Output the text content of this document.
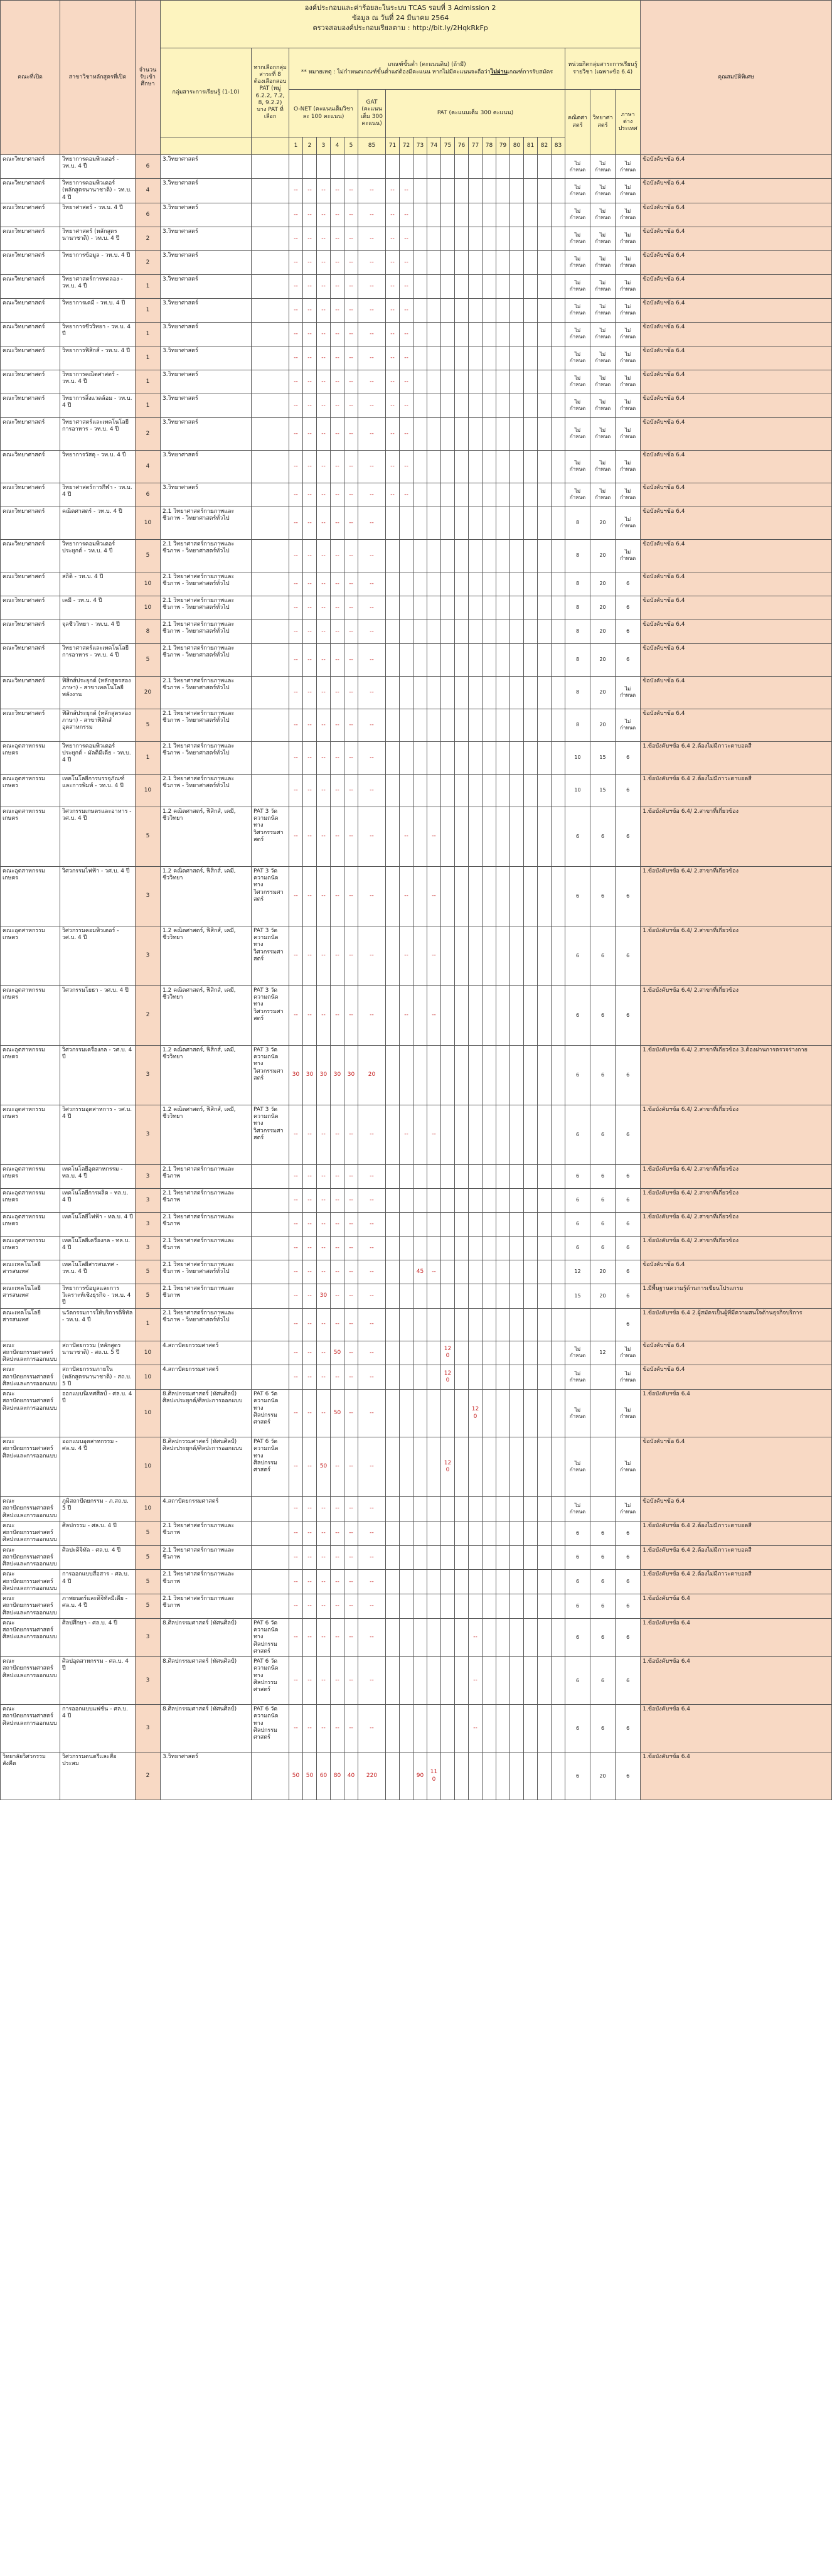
คณะที่เปิด	สาขาวิชาหลักสูตรที่เปิด	จำนวนรับเข้าศึกษา	องค์ประกอบและค่าร้อยละในระบบ TCAS รอบที่ 3 Admission 2
ข้อมูล ณ วันที่ 24 มีนาคม 2564
ตรวจสอบองค์ประกอบเรียลตาม : http://bit.ly/2HqkRkFp																								คุณสมบัติพิเศษ
			กลุ่มสาระการเรียนรู้ (1-10)	หากเลือกกลุ่มสาระที่ 8 ต้องเลือกสอบ PAT (หมู่ 6.2.2, 7.2, 8, 9.2.2) บาง PAT ที่เลือก	เกณฑ์ขั้นต่ำ (คะแนนดิบ) (ถ้ามี)
** หมายเหตุ : ไม่กำหนดเกณฑ์ขั้นต่ำแต่ต้องมีคะแนน หากไม่มีคะแนนจะถือว่าไม่ผ่านเกณฑ์การรับสมัคร																			หน่วยกิตกลุ่มสาระการเรียนรู้รายวิชา (เฉพาะข้อ 6.4)			
					O-NET (คะแนนเต็มวิชาละ 100 คะแนน)					GAT (คะแนนเต็ม 300 คะแนน)	PAT (คะแนนเต็ม 300 คะแนน)													คณิตศาสตร์	วิทยาศาสตร์	ภาษาต่างประเทศ	
					1	2	3	4	5	85	71	72	73	74	75	76	77	78	79	80	81	82	83				
คณะวิทยาศาสตร์	วิทยาการคอมพิวเตอร์ - วท.บ. 4 ปี	6	3.วิทยาศาสตร์																					ไม่กำหนด	ไม่กำหนด	ไม่กำหนด	ข้อบังคับฯข้อ 6.4
คณะวิทยาศาสตร์	วิทยาการคอมพิวเตอร์ (หลักสูตรนานาชาติ) - วท.บ. 4 ปี	4	3.วิทยาศาสตร์		--	--	--	--	--	--	--	--												ไม่กำหนด	ไม่กำหนด	ไม่กำหนด	ข้อบังคับฯข้อ 6.4
คณะวิทยาศาสตร์	วิทยาศาสตร์ - วท.บ. 4 ปี	6	3.วิทยาศาสตร์		--	--	--	--	--	--	--	--												ไม่กำหนด	ไม่กำหนด	ไม่กำหนด	ข้อบังคับฯข้อ 6.4
คณะวิทยาศาสตร์	วิทยาศาสตร์ (หลักสูตรนานาชาติ) - วท.บ. 4 ปี	2	3.วิทยาศาสตร์		--	--	--	--	--	--	--	--												ไม่กำหนด	ไม่กำหนด	ไม่กำหนด	ข้อบังคับฯข้อ 6.4
คณะวิทยาศาสตร์	วิทยาการข้อมูล - วท.บ. 4 ปี	2	3.วิทยาศาสตร์		--	--	--	--	--	--	--	--												ไม่กำหนด	ไม่กำหนด	ไม่กำหนด	ข้อบังคับฯข้อ 6.4
คณะวิทยาศาสตร์	วิทยาศาสตร์การทดลอง - วท.บ. 4 ปี	1	3.วิทยาศาสตร์		--	--	--	--	--	--	--	--												ไม่กำหนด	ไม่กำหนด	ไม่กำหนด	ข้อบังคับฯข้อ 6.4
คณะวิทยาศาสตร์	วิทยาการเคมี - วท.บ. 4 ปี	1	3.วิทยาศาสตร์		--	--	--	--	--	--	--	--												ไม่กำหนด	ไม่กำหนด	ไม่กำหนด	ข้อบังคับฯข้อ 6.4
คณะวิทยาศาสตร์	วิทยาการชีววิทยา - วท.บ. 4 ปี	1	3.วิทยาศาสตร์		--	--	--	--	--	--	--	--												ไม่กำหนด	ไม่กำหนด	ไม่กำหนด	ข้อบังคับฯข้อ 6.4
คณะวิทยาศาสตร์	วิทยาการฟิสิกส์ - วท.บ. 4 ปี	1	3.วิทยาศาสตร์		--	--	--	--	--	--	--	--												ไม่กำหนด	ไม่กำหนด	ไม่กำหนด	ข้อบังคับฯข้อ 6.4
คณะวิทยาศาสตร์	วิทยาการคณิตศาสตร์ - วท.บ. 4 ปี	1	3.วิทยาศาสตร์		--	--	--	--	--	--	--	--												ไม่กำหนด	ไม่กำหนด	ไม่กำหนด	ข้อบังคับฯข้อ 6.4
คณะวิทยาศาสตร์	วิทยาการสิ่งแวดล้อม - วท.บ. 4 ปี	1	3.วิทยาศาสตร์		--	--	--	--	--	--	--	--												ไม่กำหนด	ไม่กำหนด	ไม่กำหนด	ข้อบังคับฯข้อ 6.4
คณะวิทยาศาสตร์	วิทยาศาสตร์และเทคโนโลยีการอาหาร - วท.บ. 4 ปี	2	3.วิทยาศาสตร์		--	--	--	--	--	--	--	--												ไม่กำหนด	ไม่กำหนด	ไม่กำหนด	ข้อบังคับฯข้อ 6.4
คณะวิทยาศาสตร์	วิทยาการวัสดุ - วท.บ. 4 ปี	4	3.วิทยาศาสตร์		--	--	--	--	--	--	--	--												ไม่กำหนด	ไม่กำหนด	ไม่กำหนด	ข้อบังคับฯข้อ 6.4
คณะวิทยาศาสตร์	วิทยาศาสตร์การกีฬา - วท.บ. 4 ปี	6	3.วิทยาศาสตร์		--	--	--	--	--	--	--	--												ไม่กำหนด	ไม่กำหนด	ไม่กำหนด	ข้อบังคับฯข้อ 6.4
คณะวิทยาศาสตร์	คณิตศาสตร์ - วท.บ. 4 ปี	10	2.1 วิทยาศาสตร์กายภาพและชีวภาพ - วิทยาศาสตร์ทั่วไป		--	--	--	--	--	--														8	20	ไม่กำหนด	ข้อบังคับฯข้อ 6.4
คณะวิทยาศาสตร์	วิทยาการคอมพิวเตอร์ประยุกต์ - วท.บ. 4 ปี	5	2.1 วิทยาศาสตร์กายภาพและชีวภาพ - วิทยาศาสตร์ทั่วไป		--	--	--	--	--	--														8	20	ไม่กำหนด	ข้อบังคับฯข้อ 6.4
คณะวิทยาศาสตร์	สถิติ - วท.บ. 4 ปี	10	2.1 วิทยาศาสตร์กายภาพและชีวภาพ - วิทยาศาสตร์ทั่วไป		--	--	--	--	--	--														8	20	6	ข้อบังคับฯข้อ 6.4
คณะวิทยาศาสตร์	เคมี - วท.บ. 4 ปี	10	2.1 วิทยาศาสตร์กายภาพและชีวภาพ - วิทยาศาสตร์ทั่วไป		--	--	--	--	--	--														8	20	6	ข้อบังคับฯข้อ 6.4
คณะวิทยาศาสตร์	จุลชีววิทยา - วท.บ. 4 ปี	8	2.1 วิทยาศาสตร์กายภาพและชีวภาพ - วิทยาศาสตร์ทั่วไป		--	--	--	--	--	--														8	20	6	ข้อบังคับฯข้อ 6.4
คณะวิทยาศาสตร์	วิทยาศาสตร์และเทคโนโลยีการอาหาร - วท.บ. 4 ปี	5	2.1 วิทยาศาสตร์กายภาพและชีวภาพ - วิทยาศาสตร์ทั่วไป		--	--	--	--	--	--														8	20	6	ข้อบังคับฯข้อ 6.4
คณะวิทยาศาสตร์	ฟิสิกส์ประยุกต์ (หลักสูตรสองภาษา) - สาขาเทคโนโลยีพลังงาน	20	2.1 วิทยาศาสตร์กายภาพและชีวภาพ - วิทยาศาสตร์ทั่วไป		--	--	--	--	--	--														8	20	ไม่กำหนด	ข้อบังคับฯข้อ 6.4
คณะวิทยาศาสตร์	ฟิสิกส์ประยุกต์ (หลักสูตรสองภาษา) - สาขาฟิสิกส์อุตสาหกรรม	5	2.1 วิทยาศาสตร์กายภาพและชีวภาพ - วิทยาศาสตร์ทั่วไป		--	--	--	--	--	--														8	20	ไม่กำหนด	ข้อบังคับฯข้อ 6.4
คณะอุตสาหกรรมเกษตร	วิทยาการคอมพิวเตอร์ประยุกต์ - มัลติมีเดีย - วท.บ. 4 ปี	1	2.1 วิทยาศาสตร์กายภาพและชีวภาพ - วิทยาศาสตร์ทั่วไป		--	--	--	--	--	--														10	15	6	1.ข้อบังคับฯข้อ 6.4 2.ต้องไม่มีภาวะตาบอดสี
คณะอุตสาหกรรมเกษตร	เทคโนโลยีการบรรจุภัณฑ์และการพิมพ์ - วท.บ. 4 ปี	10	2.1 วิทยาศาสตร์กายภาพและชีวภาพ - วิทยาศาสตร์ทั่วไป		--	--	--	--	--	--														10	15	6	1.ข้อบังคับฯข้อ 6.4 2.ต้องไม่มีภาวะตาบอดสี
คณะอุตสาหกรรมเกษตร	วิศวกรรมเกษตรและอาหาร - วศ.บ. 4 ปี	5	1.2 คณิตศาสตร์, ฟิสิกส์, เคมี, ชีววิทยา	PAT 3 วัดความถนัดทางวิศวกรรมศาสตร์	--	--	--	--	--	--		--		--										6	6	6	1.ข้อบังคับฯข้อ 6.4/ 2.สาขาที่เกี่ยวข้อง
คณะอุตสาหกรรมเกษตร	วิศวกรรมไฟฟ้า - วศ.บ. 4 ปี	3	1.2 คณิตศาสตร์, ฟิสิกส์, เคมี, ชีววิทยา	PAT 3 วัดความถนัดทางวิศวกรรมศาสตร์	--	--	--	--	--	--		--		--										6	6	6	1.ข้อบังคับฯข้อ 6.4/ 2.สาขาที่เกี่ยวข้อง
คณะอุตสาหกรรมเกษตร	วิศวกรรมคอมพิวเตอร์ - วศ.บ. 4 ปี	3	1.2 คณิตศาสตร์, ฟิสิกส์, เคมี, ชีววิทยา	PAT 3 วัดความถนัดทางวิศวกรรมศาสตร์	--	--	--	--	--	--		--		--										6	6	6	1.ข้อบังคับฯข้อ 6.4/ 2.สาขาที่เกี่ยวข้อง
คณะอุตสาหกรรมเกษตร	วิศวกรรมโยธา - วศ.บ. 4 ปี	2	1.2 คณิตศาสตร์, ฟิสิกส์, เคมี, ชีววิทยา	PAT 3 วัดความถนัดทางวิศวกรรมศาสตร์	--	--	--	--	--	--		--		--										6	6	6	1.ข้อบังคับฯข้อ 6.4/ 2.สาขาที่เกี่ยวข้อง
คณะอุตสาหกรรมเกษตร	วิศวกรรมเครื่องกล - วศ.บ. 4 ปี	3	1.2 คณิตศาสตร์, ฟิสิกส์, เคมี, ชีววิทยา	PAT 3 วัดความถนัดทางวิศวกรรมศาสตร์	30	30	30	30	30	20														6	6	6	1.ข้อบังคับฯข้อ 6.4/ 2.สาขาที่เกี่ยวข้อง 3.ต้องผ่านการตรวจร่างกาย
คณะอุตสาหกรรมเกษตร	วิศวกรรมอุตสาหการ - วศ.บ. 4 ปี	3	1.2 คณิตศาสตร์, ฟิสิกส์, เคมี, ชีววิทยา	PAT 3 วัดความถนัดทางวิศวกรรมศาสตร์	--	--	--	--	--	--		--		--										6	6	6	1.ข้อบังคับฯข้อ 6.4/ 2.สาขาที่เกี่ยวข้อง
คณะอุตสาหกรรมเกษตร	เทคโนโลยีอุตสาหกรรม - ทล.บ. 4 ปี	3	2.1 วิทยาศาสตร์กายภาพและชีวภาพ		--	--	--	--	--	--														6	6	6	1.ข้อบังคับฯข้อ 6.4/ 2.สาขาที่เกี่ยวข้อง
คณะอุตสาหกรรมเกษตร	เทคโนโลยีการผลิต - ทล.บ. 4 ปี	3	2.1 วิทยาศาสตร์กายภาพและชีวภาพ		--	--	--	--	--	--														6	6	6	1.ข้อบังคับฯข้อ 6.4/ 2.สาขาที่เกี่ยวข้อง
คณะอุตสาหกรรมเกษตร	เทคโนโลยีไฟฟ้า - ทล.บ. 4 ปี	3	2.1 วิทยาศาสตร์กายภาพและชีวภาพ		--	--	--	--	--	--														6	6	6	1.ข้อบังคับฯข้อ 6.4/ 2.สาขาที่เกี่ยวข้อง
คณะอุตสาหกรรมเกษตร	เทคโนโลยีเครื่องกล - ทล.บ. 4 ปี	3	2.1 วิทยาศาสตร์กายภาพและชีวภาพ		--	--	--	--	--	--														6	6	6	1.ข้อบังคับฯข้อ 6.4/ 2.สาขาที่เกี่ยวข้อง
คณะเทคโนโลยีสารสนเทศ	เทคโนโลยีสารสนเทศ - วท.บ. 4 ปี	5	2.1 วิทยาศาสตร์กายภาพและชีวภาพ - วิทยาศาสตร์ทั่วไป		--	--	--	--	--	--			45	--										12	20	6	ข้อบังคับฯข้อ 6.4
คณะเทคโนโลยีสารสนเทศ	วิทยาการข้อมูลและการวิเคราะห์เชิงธุรกิจ - วท.บ. 4 ปี	5	2.1 วิทยาศาสตร์กายภาพและชีวภาพ		--	--	30	--	--	--														15	20	6	1.มีพื้นฐานความรู้ด้านการเขียนโปรแกรม
คณะเทคโนโลยีสารสนเทศ	นวัตกรรมการให้บริการดิจิทัล - วท.บ. 4 ปี	1	2.1 วิทยาศาสตร์กายภาพและชีวภาพ - วิทยาศาสตร์ทั่วไป		--	--	--	--	--	--																6	1.ข้อบังคับฯข้อ 6.4 2.ผู้สมัครเป็นผู้ที่มีความสนใจด้านธุรกิจบริการ
คณะสถาปัตยกรรมศาสตร์ ศิลปะและการออกแบบ	สถาปัตยกรรม (หลักสูตรนานาชาติ) - สถ.บ. 5 ปี	10	4.สถาปัตยกรรมศาสตร์		--	--	--	50	--	--					120									ไม่กำหนด	12	ไม่กำหนด	ข้อบังคับฯข้อ 6.4
คณะสถาปัตยกรรมศาสตร์ ศิลปะและการออกแบบ	สถาปัตยกรรมภายใน (หลักสูตรนานาชาติ) - สถ.บ. 5 ปี	10	4.สถาปัตยกรรมศาสตร์		--	--	--	--	--	--					120									ไม่กำหนด		ไม่กำหนด	ข้อบังคับฯข้อ 6.4
คณะสถาปัตยกรรมศาสตร์ ศิลปะและการออกแบบ	ออกแบบนิเทศศิลป์ - ศล.บ. 4 ปี	10	8.ศิลปกรรมศาสตร์ (ทัศนศิลป์) ศิลปะประยุกต์/ศิลปะการออกแบบ	PAT 6 วัดความถนัดทางศิลปกรรมศาสตร์	--	--	--	50	--	--							120							ไม่กำหนด		ไม่กำหนด	1.ข้อบังคับฯข้อ 6.4
คณะสถาปัตยกรรมศาสตร์ ศิลปะและการออกแบบ	ออกแบบอุตสาหกรรม - ศล.บ. 4 ปี	10	8.ศิลปกรรมศาสตร์ (ทัศนศิลป์) ศิลปะประยุกต์/ศิลปะการออกแบบ	PAT 6 วัดความถนัดทางศิลปกรรมศาสตร์	--	--	50	--	--	--					120									ไม่กำหนด		ไม่กำหนด	ข้อบังคับฯข้อ 6.4
คณะสถาปัตยกรรมศาสตร์ ศิลปะและการออกแบบ	ภูมิสถาปัตยกรรม - ภ.สถ.บ. 5 ปี	10	4.สถาปัตยกรรมศาสตร์		--	--	--	--	--	--														ไม่กำหนด		ไม่กำหนด	ข้อบังคับฯข้อ 6.4
คณะสถาปัตยกรรมศาสตร์ ศิลปะและการออกแบบ	ศิลปกรรม - ศล.บ. 4 ปี	5	2.1 วิทยาศาสตร์กายภาพและชีวภาพ		--	--	--	--	--	--														6	6	6	1.ข้อบังคับฯข้อ 6.4 2.ต้องไม่มีภาวะตาบอดสี
คณะสถาปัตยกรรมศาสตร์ ศิลปะและการออกแบบ	ศิลปะดิจิทัล - ศล.บ. 4 ปี	5	2.1 วิทยาศาสตร์กายภาพและชีวภาพ		--	--	--	--	--	--														6	6	6	1.ข้อบังคับฯข้อ 6.4 2.ต้องไม่มีภาวะตาบอดสี
คณะสถาปัตยกรรมศาสตร์ ศิลปะและการออกแบบ	การออกแบบสื่อสาร - ศล.บ. 4 ปี	5	2.1 วิทยาศาสตร์กายภาพและชีวภาพ		--	--	--	--	--	--														6	6	6	1.ข้อบังคับฯข้อ 6.4 2.ต้องไม่มีภาวะตาบอดสี
คณะสถาปัตยกรรมศาสตร์ ศิลปะและการออกแบบ	ภาพยนตร์และดิจิทัลมีเดีย - ศล.บ. 4 ปี	5	2.1 วิทยาศาสตร์กายภาพและชีวภาพ		--	--	--	--	--	--														6	6	6	1.ข้อบังคับฯข้อ 6.4
คณะสถาปัตยกรรมศาสตร์ ศิลปะและการออกแบบ	ศิลปศึกษา - ศล.บ. 4 ปี	3	8.ศิลปกรรมศาสตร์ (ทัศนศิลป์)	PAT 6 วัดความถนัดทางศิลปกรรมศาสตร์	--	--	--	--	--	--							--							6	6	6	1.ข้อบังคับฯข้อ 6.4
คณะสถาปัตยกรรมศาสตร์ ศิลปะและการออกแบบ	ศิลปอุตสาหกรรม - ศล.บ. 4 ปี	3	8.ศิลปกรรมศาสตร์ (ทัศนศิลป์)	PAT 6 วัดความถนัดทางศิลปกรรมศาสตร์	--	--	--	--	--	--							--							6	6	6	1.ข้อบังคับฯข้อ 6.4
คณะสถาปัตยกรรมศาสตร์ ศิลปะและการออกแบบ	การออกแบบแฟชั่น - ศล.บ. 4 ปี	3	8.ศิลปกรรมศาสตร์ (ทัศนศิลป์)	PAT 6 วัดความถนัดทางศิลปกรรมศาสตร์	--	--	--	--	--	--							--							6	6	6	1.ข้อบังคับฯข้อ 6.4
วิทยาลัยวิศวกรรมสังคีต	วิศวกรรมดนตรีและสื่อประสม	2	3.วิทยาศาสตร์		50	50	60	80	40	220			90	110										6	20	6	1.ข้อบังคับฯข้อ 6.4
